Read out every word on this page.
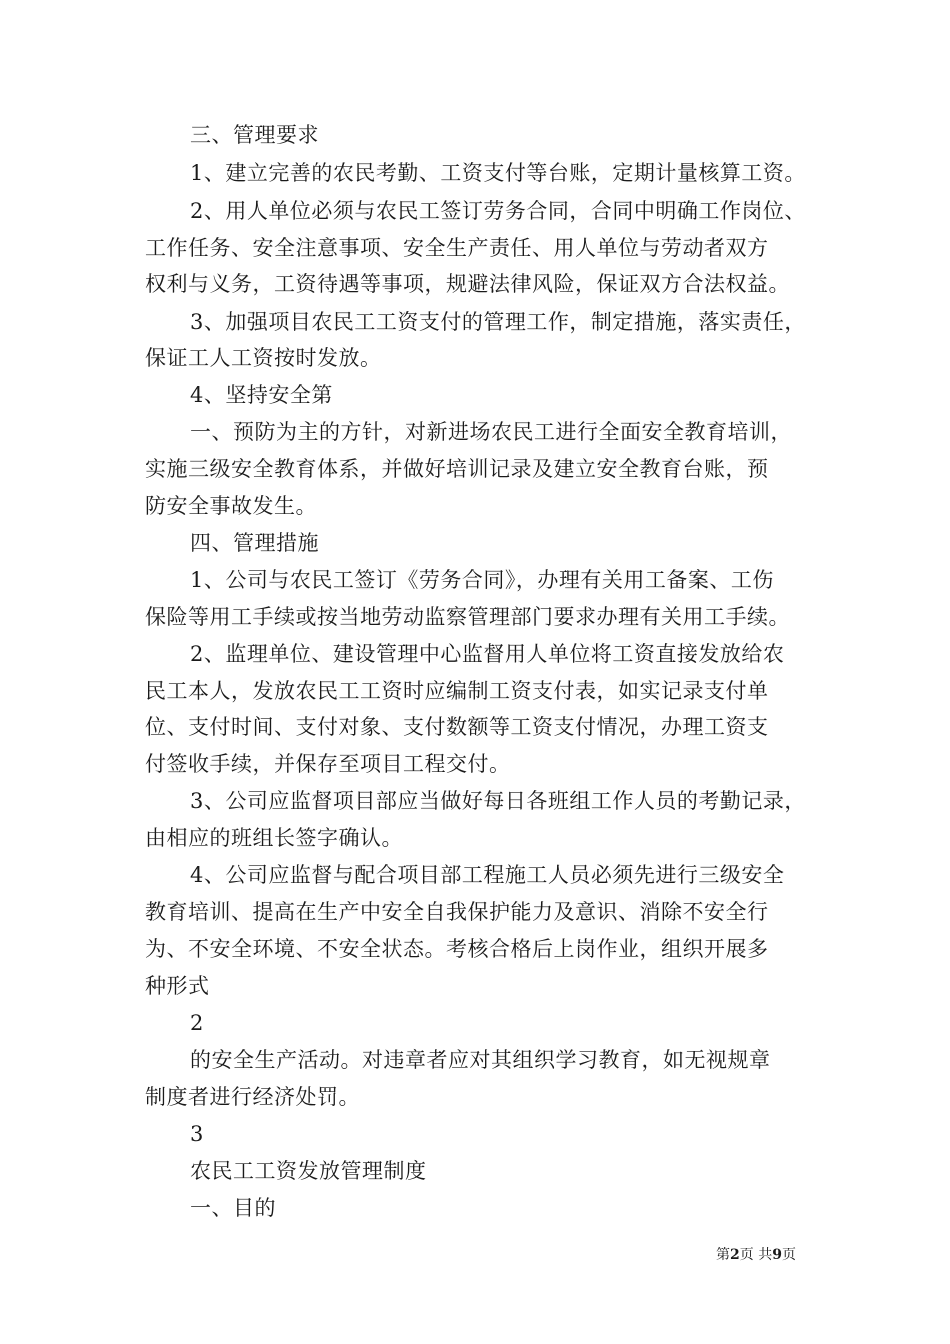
三、管理要求
1、建立完善的农民考勤、工资支付等台账，定期计量核算工资。
2、用人单位必须与农民工签订劳务合同，合同中明确工作岗位、
工作任务、安全注意事项、安全生产责任、用人单位与劳动者双方
权利与义务，工资待遇等事项，规避法律风险，保证双方合法权益。
3、加强项目农民工工资支付的管理工作，制定措施，落实责任，
保证工人工资按时发放。
4、坚持安全第
一、预防为主的方针，对新进场农民工进行全面安全教育培训，
实施三级安全教育体系，并做好培训记录及建立安全教育台账，预
防安全事故发生。
四、管理措施
1、公司与农民工签订《劳务合同》，办理有关用工备案、工伤
保险等用工手续或按当地劳动监察管理部门要求办理有关用工手续。
2、监理单位、建设管理中心监督用人单位将工资直接发放给农
民工本人，发放农民工工资时应编制工资支付表，如实记录支付单
位、支付时间、支付对象、支付数额等工资支付情况，办理工资支
付签收手续，并保存至项目工程交付。
3、公司应监督项目部应当做好每日各班组工作人员的考勤记录，
由相应的班组长签字确认。
4、公司应监督与配合项目部工程施工人员必须先进行三级安全
教育培训、提高在生产中安全自我保护能力及意识、消除不安全行
为、不安全环境、不安全状态。考核合格后上岗作业，组织开展多
种形式
2
的安全生产活动。对违章者应对其组织学习教育，如无视规章
制度者进行经济处罚。
3
农民工工资发放管理制度
一、目的
第2页 共9页
